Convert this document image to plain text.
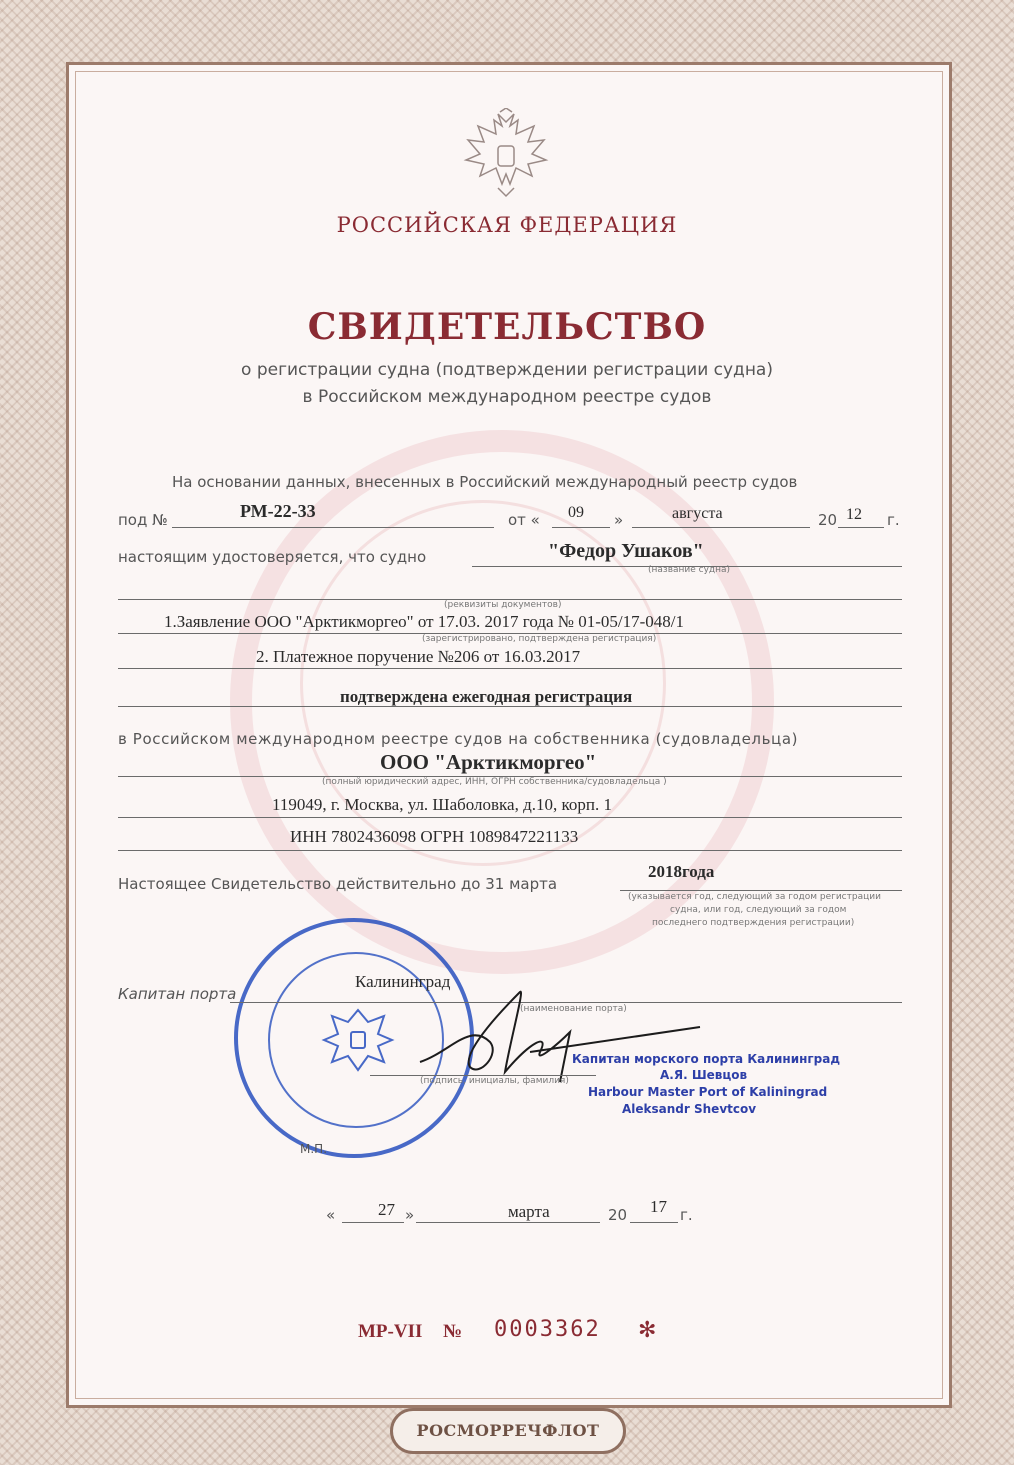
РОССИЙСКАЯ ФЕДЕРАЦИЯ
СВИДЕТЕЛЬСТВО
о регистрации судна (подтверждении регистрации судна)
в Российском международном реестре судов
На основании данных, внесенных в Российский международный реестр судов
под №	РМ-22-33	от « 09 »	августа	20 12 г.
настоящим удостоверяется, что судно	"Федор Ушаков"
(название судна)
(реквизиты документов)
1.Заявление ООО "Арктикморгео" от 17.03. 2017 года № 01-05/17-048/1
(зарегистрировано, подтверждена регистрация)
2. Платежное поручение №206 от 16.03.2017
подтверждена ежегодная регистрация
в Российском международном реестре судов на собственника (судовладельца)
ООО "Арктикморгео"
(полный юридический адрес, ИНН, ОГРН собственника/судовладельца )
119049, г. Москва, ул. Шаболовка, д.10, корп. 1
ИНН 7802436098 ОГРН 1089847221133
Настоящее Свидетельство действительно до 31 марта
2018года
(указывается год, следующий за годом регистрации
судна, или год, следующий за годом
последнего подтверждения регистрации)
Капитан порта
Калининград
(наименование порта)
(подпись, инициалы, фамилия)
Капитан морского порта Калининград
А.Я. Шевцов
Harbour Master Port of Kaliningrad
Aleksandr Shevtcov
М.П.
«	27 »	марта	20 17 г.
МР-VII № 0003362 ✻
РОСМОРРЕЧФЛОТ
